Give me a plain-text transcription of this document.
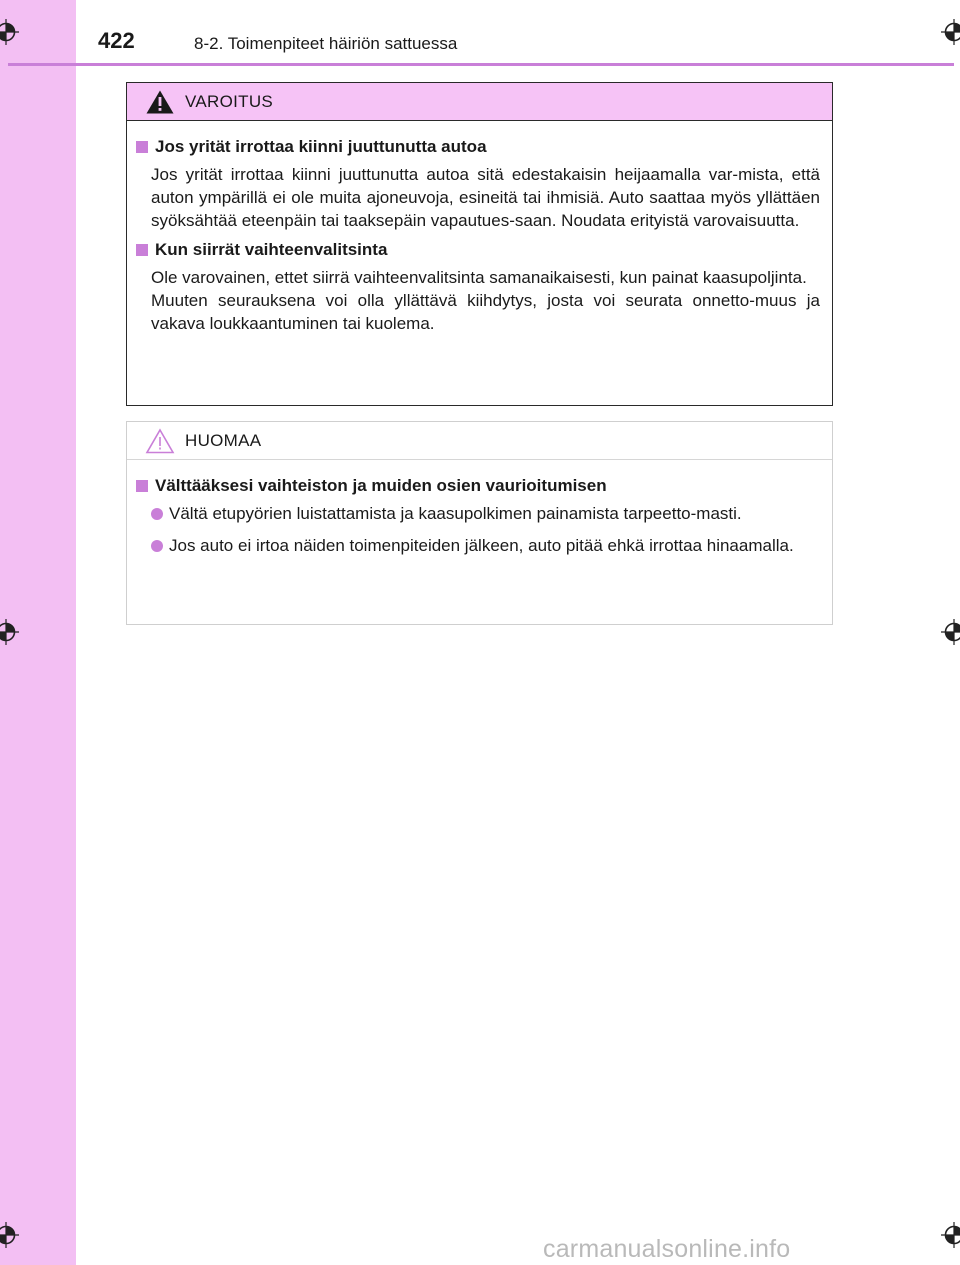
422	8-2. Toimenpiteet häiriön sattuessa
VAROITUS
Jos yrität irrottaa kiinni juuttunutta autoa
Jos yrität irrottaa kiinni juuttunutta autoa sitä edestakaisin heijaamalla var-mista, että auton ympärillä ei ole muita ajoneuvoja, esineitä tai ihmisiä. Auto saattaa myös yllättäen syöksähtää eteenpäin tai taaksepäin vapautues-saan. Noudata erityistä varovaisuutta.
Kun siirrät vaihteenvalitsinta
Ole varovainen, ettet siirrä vaihteenvalitsinta samanaikaisesti, kun painat kaasupoljinta.
Muuten seurauksena voi olla yllättävä kiihdytys, josta voi seurata onnetto-muus ja vakava loukkaantuminen tai kuolema.
HUOMAA
Välttääksesi vaihteiston ja muiden osien vaurioitumisen
Vältä etupyörien luistattamista ja kaasupolkimen painamista tarpeetto-masti.
Jos auto ei irtoa näiden toimenpiteiden jälkeen, auto pitää ehkä irrottaa hinaamalla.
carmanualsonline.info
